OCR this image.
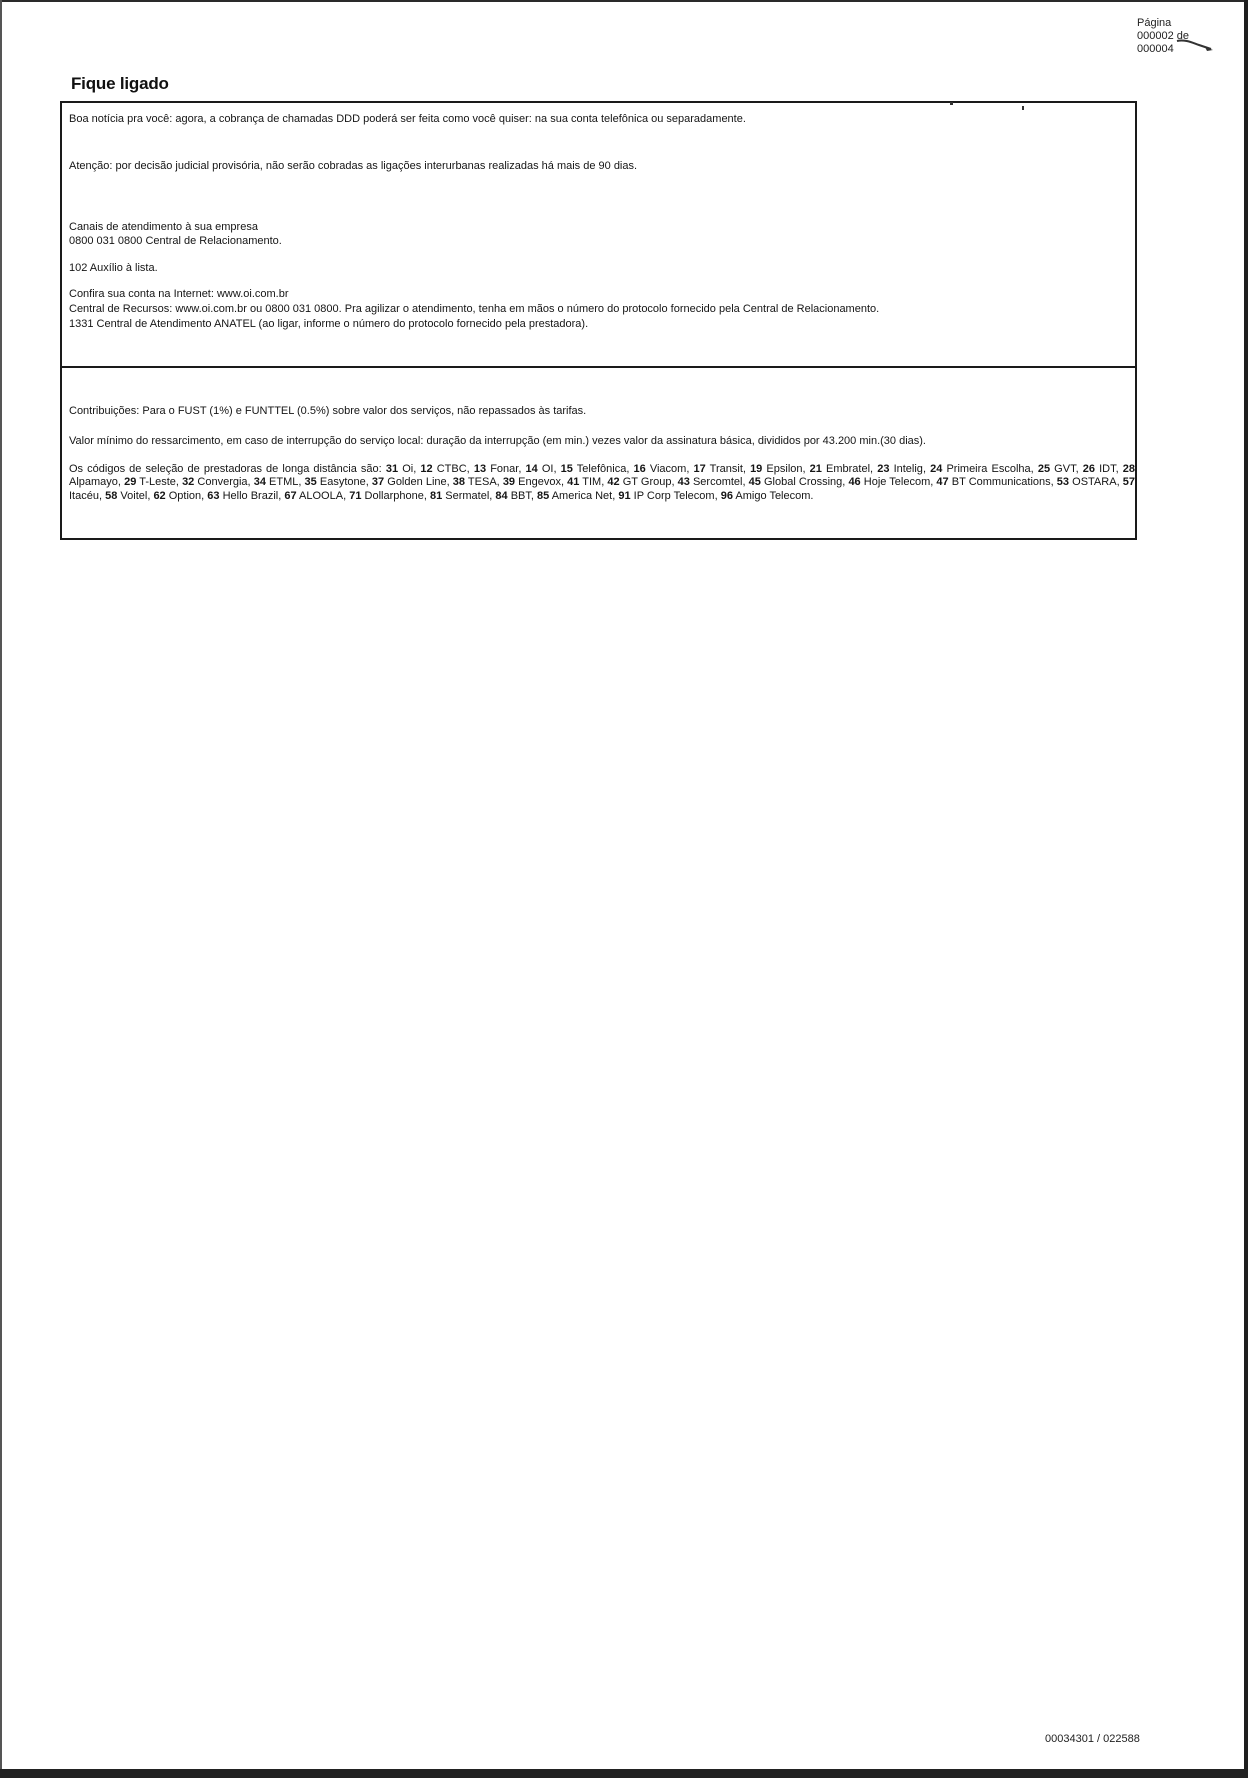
Página
000002 de
000004
Fique ligado
Boa notícia pra você: agora, a cobrança de chamadas DDD poderá ser feita como você quiser: na sua conta telefônica ou separadamente.
Atenção: por decisão judicial provisória, não serão cobradas as ligações interurbanas realizadas há mais de 90 dias.
Canais de atendimento à sua empresa
0800 031 0800 Central de Relacionamento.
102 Auxílio à lista.
Confira sua conta na Internet: www.oi.com.br
Central de Recursos: www.oi.com.br ou 0800 031 0800. Pra agilizar o atendimento, tenha em mãos o número do protocolo fornecido pela Central de Relacionamento.
1331 Central de Atendimento ANATEL (ao ligar, informe o número do protocolo fornecido pela prestadora).
Contribuições: Para o FUST (1%) e FUNTTEL (0.5%) sobre valor dos serviços, não repassados às tarifas.
Valor mínimo do ressarcimento, em caso de interrupção do serviço local: duração da interrupção (em min.) vezes valor da assinatura básica, divididos por 43.200 min.(30 dias).
Os códigos de seleção de prestadoras de longa distância são: 31 Oi, 12 CTBC, 13 Fonar, 14 OI, 15 Telefônica, 16 Viacom, 17 Transit, 19 Epsilon, 21 Embratel, 23 Intelig, 24 Primeira Escolha, 25 GVT, 26 IDT, 28 Alpamayo, 29 T-Leste, 32 Convergia, 34 ETML, 35 Easytone, 37 Golden Line, 38 TESA, 39 Engevox, 41 TIM, 42 GT Group, 43 Sercomtel, 45 Global Crossing, 46 Hoje Telecom, 47 BT Communications, 53 OSTARA, 57 Itacéu, 58 Voitel, 62 Option, 63 Hello Brazil, 67 ALOOLA, 71 Dollarphone, 81 Sermatel, 84 BBT, 85 America Net, 91 IP Corp Telecom, 96 Amigo Telecom.
00034301 / 022588
